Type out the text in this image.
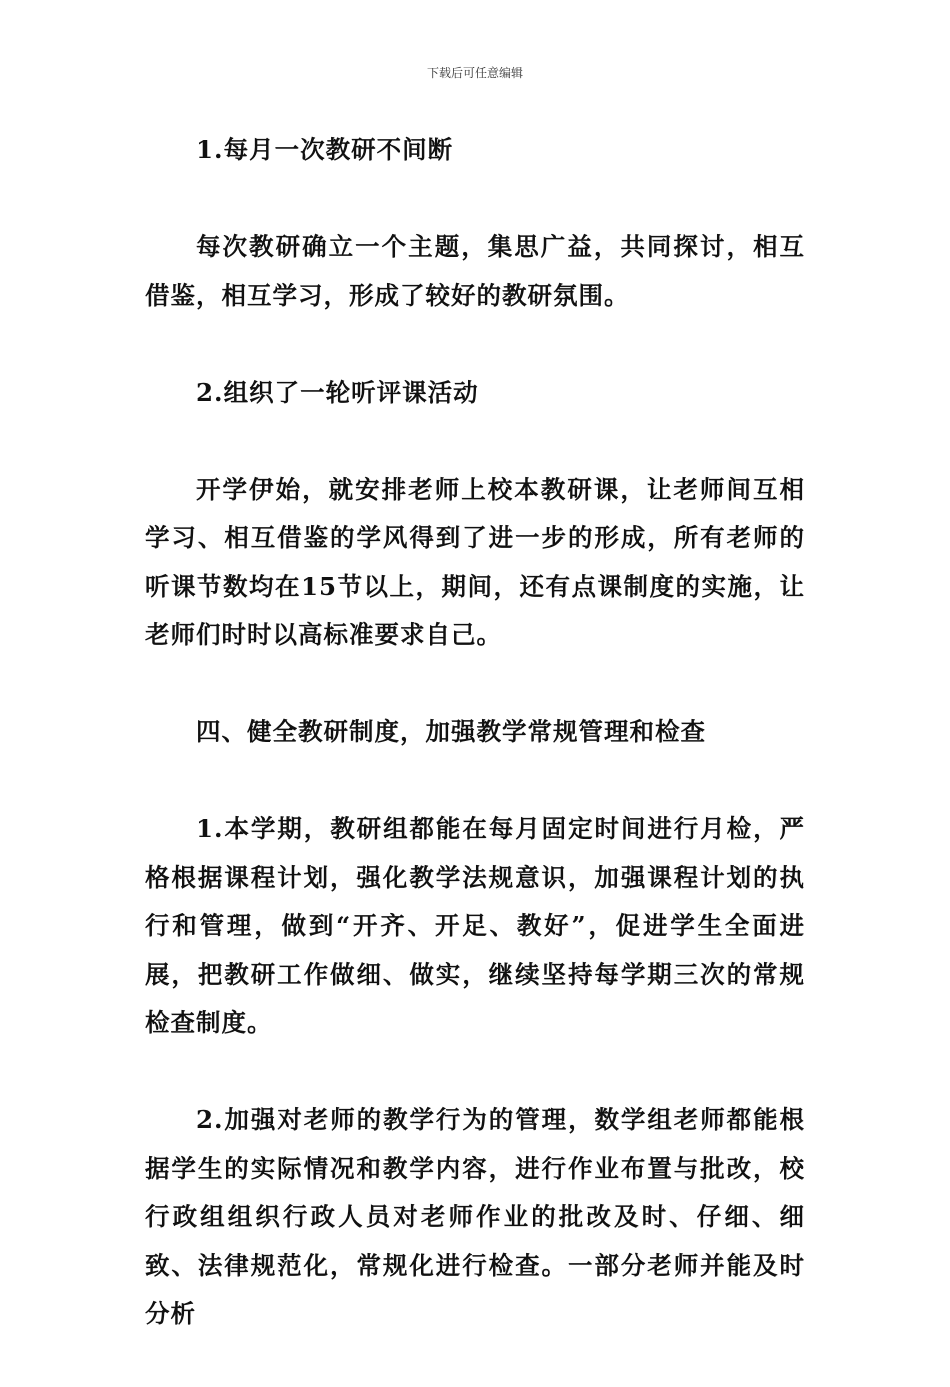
下载后可任意编辑

1.每月一次教研不间断

每次教研确立一个主题，集思广益，共同探讨，相互借鉴，相互学习，形成了较好的教研氛围。

2.组织了一轮听评课活动

开学伊始，就安排老师上校本教研课，让老师间互相学习、相互借鉴的学风得到了进一步的形成，所有老师的听课节数均在15节以上，期间，还有点课制度的实施，让老师们时时以高标准要求自己。

四、健全教研制度，加强教学常规管理和检查

1.本学期，教研组都能在每月固定时间进行月检，严格根据课程计划，强化教学法规意识，加强课程计划的执行和管理，做到“开齐、开足、教好”，促进学生全面进展，把教研工作做细、做实，继续坚持每学期三次的常规检查制度。

2.加强对老师的教学行为的管理，数学组老师都能根据学生的实际情况和教学内容，进行作业布置与批改，校行政组组织行政人员对老师作业的批改及时、仔细、细致、法律规范化，常规化进行检查。一部分老师并能及时分析
